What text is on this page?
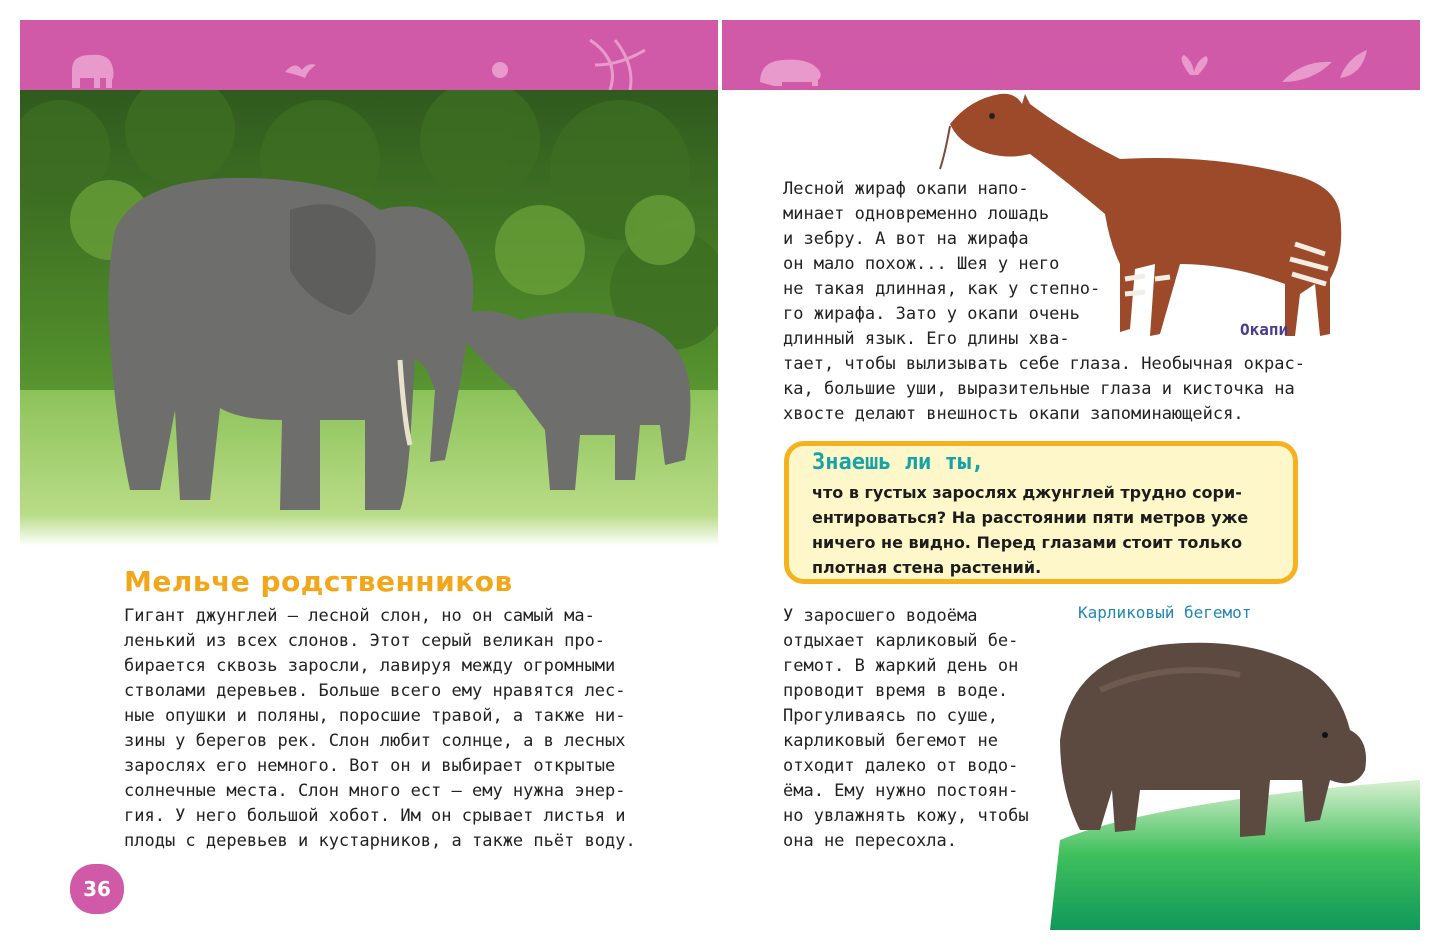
Мельче родственников
Гигант джунглей — лесной слон, но он самый ма-
ленький из всех слонов. Этот серый великан про-
бирается сквозь заросли, лавируя между огромными
стволами деревьев. Больше всего ему нравятся лес-
ные опушки и поляны, поросшие травой, а также ни-
зины у берегов рек. Слон любит солнце, а в лесных
зарослях его немного. Вот он и выбирает открытые
солнечные места. Слон много ест — ему нужна энер-
гия. У него большой хобот. Им он срывает листья и
плоды с деревьев и кустарников, а также пьёт воду.
36
Лесной жираф окапи напо-
минает одновременно лошадь
и зебру. А вот на жирафа
он мало похож... Шея у него
не такая длинная, как у степно-
го жирафа. Зато у окапи очень
длинный язык. Его длины хва-
тает, чтобы вылизывать себе глаза. Необычная окрас-
ка, большие уши, выразительные глаза и кисточка на
хвосте делают внешность окапи запоминающейся.
Окапи
Знаешь ли ты,
что в густых зарослях джунглей трудно сори-
ентироваться? На расстоянии пяти метров уже
ничего не видно. Перед глазами стоит только
плотная стена растений.
Карликовый бегемот
У заросшего водоёма
отдыхает карликовый бе-
гемот. В жаркий день он
проводит время в воде.
Прогуливаясь по суше,
карликовый бегемот не
отходит далеко от водо-
ёма. Ему нужно постоян-
но увлажнять кожу, чтобы
она не пересохла.
